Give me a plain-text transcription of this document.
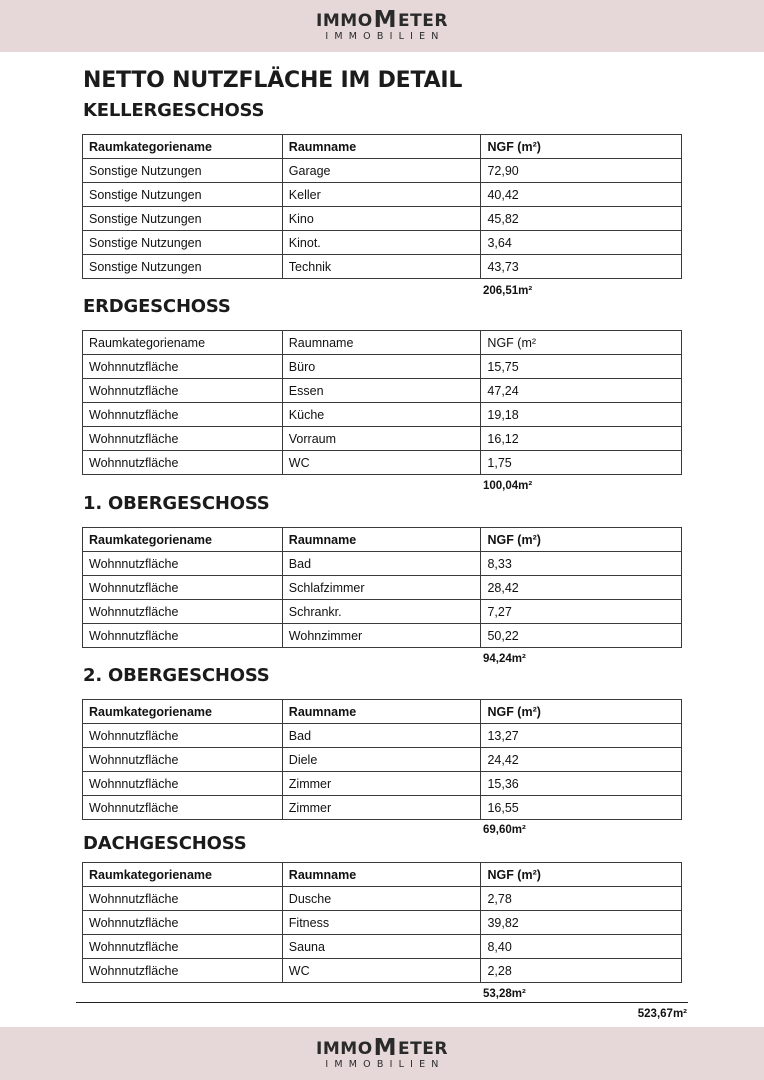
IMMO M ETER
IMMOBILIEN
NETTO NUTZFLÄCHE IM DETAIL
KELLERGESCHOSS
Raumkategoriename	Raumname	NGF (m²)
Sonstige Nutzungen	Garage	72,90
Sonstige Nutzungen	Keller	40,42
Sonstige Nutzungen	Kino	45,82
Sonstige Nutzungen	Kinot.	3,64
Sonstige Nutzungen	Technik	43,73
206,51m²
ERDGESCHOSS
Raumkategoriename	Raumname	NGF (m²
Wohnnutzfläche	Büro	15,75
Wohnnutzfläche	Essen	47,24
Wohnnutzfläche	Küche	19,18
Wohnnutzfläche	Vorraum	16,12
Wohnnutzfläche	WC	1,75
100,04m²
1. OBERGESCHOSS
Raumkategoriename	Raumname	NGF (m²)
Wohnnutzfläche	Bad	8,33
Wohnnutzfläche	Schlafzimmer	28,42
Wohnnutzfläche	Schrankr.	7,27
Wohnnutzfläche	Wohnzimmer	50,22
94,24m²
2. OBERGESCHOSS
Raumkategoriename	Raumname	NGF (m²)
Wohnnutzfläche	Bad	13,27
Wohnnutzfläche	Diele	24,42
Wohnnutzfläche	Zimmer	15,36
Wohnnutzfläche	Zimmer	16,55
69,60m²
DACHGESCHOSS
Raumkategoriename	Raumname	NGF (m²)
Wohnnutzfläche	Dusche	2,78
Wohnnutzfläche	Fitness	39,82
Wohnnutzfläche	Sauna	8,40
Wohnnutzfläche	WC	2,28
53,28m²
523,67m²
IMMO M ETER
IMMOBILIEN
